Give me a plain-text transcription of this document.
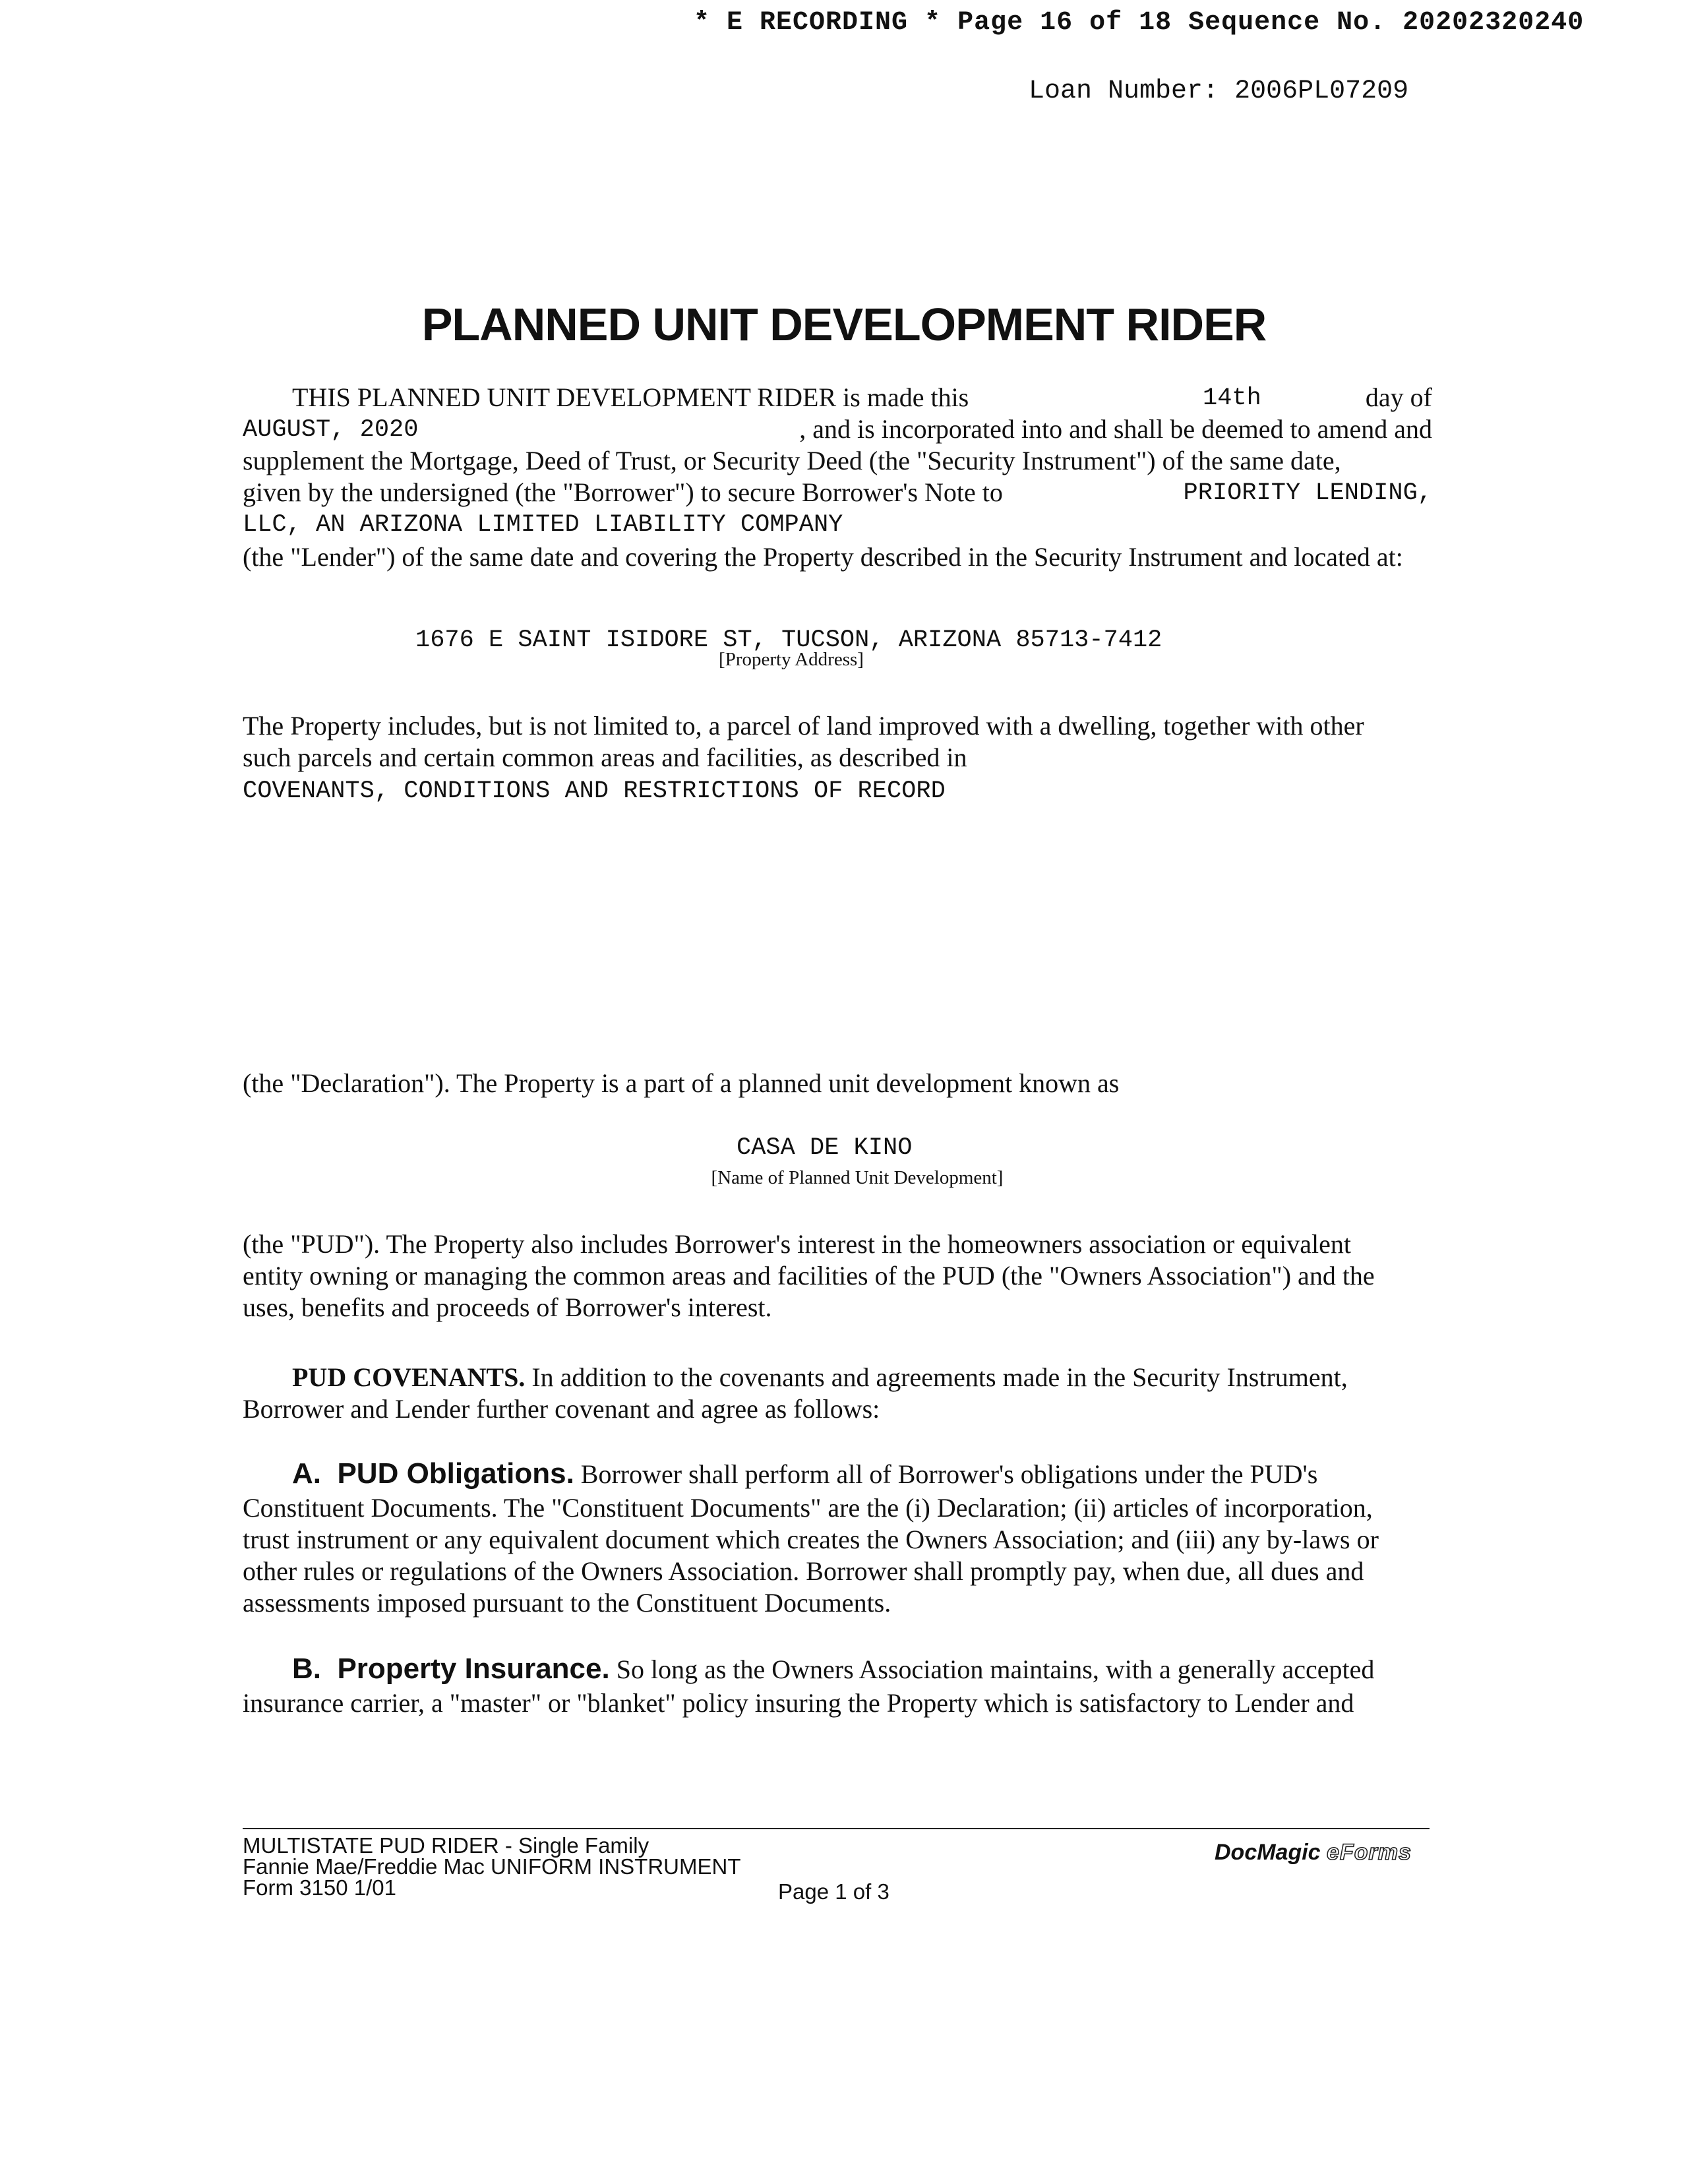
* E RECORDING * Page 16 of 18 Sequence No. 20202320240
Loan Number: 2006PL07209
PLANNED UNIT DEVELOPMENT RIDER
THIS PLANNED UNIT DEVELOPMENT RIDER is made this	14th	day of
AUGUST, 2020	, and is incorporated into and shall be deemed to amend and
supplement the Mortgage, Deed of Trust, or Security Deed (the "Security Instrument") of the same date,
given by the undersigned (the "Borrower") to secure Borrower's Note to	PRIORITY LENDING,
LLC, AN ARIZONA LIMITED LIABILITY COMPANY
(the "Lender") of the same date and covering the Property described in the Security Instrument and located at:
1676 E SAINT ISIDORE ST, TUCSON, ARIZONA 85713-7412
[Property Address]
The Property includes, but is not limited to, a parcel of land improved with a dwelling, together with other
such parcels and certain common areas and facilities, as described in
COVENANTS, CONDITIONS AND RESTRICTIONS OF RECORD
(the "Declaration"). The Property is a part of a planned unit development known as
CASA DE KINO
[Name of Planned Unit Development]
(the "PUD"). The Property also includes Borrower's interest in the homeowners association or equivalent
entity owning or managing the common areas and facilities of the PUD (the "Owners Association") and the
uses, benefits and proceeds of Borrower's interest.
PUD COVENANTS. In addition to the covenants and agreements made in the Security Instrument,
Borrower and Lender further covenant and agree as follows:
A.  PUD Obligations. Borrower shall perform all of Borrower's obligations under the PUD's
Constituent Documents. The "Constituent Documents" are the (i) Declaration; (ii) articles of incorporation,
trust instrument or any equivalent document which creates the Owners Association; and (iii) any by-laws or
other rules or regulations of the Owners Association. Borrower shall promptly pay, when due, all dues and
assessments imposed pursuant to the Constituent Documents.
B.  Property Insurance. So long as the Owners Association maintains, with a generally accepted
insurance carrier, a "master" or "blanket" policy insuring the Property which is satisfactory to Lender and
MULTISTATE PUD RIDER - Single Family
Fannie Mae/Freddie Mac UNIFORM INSTRUMENT
Form 3150 1/01	Page 1 of 3
DocMagic eForms
